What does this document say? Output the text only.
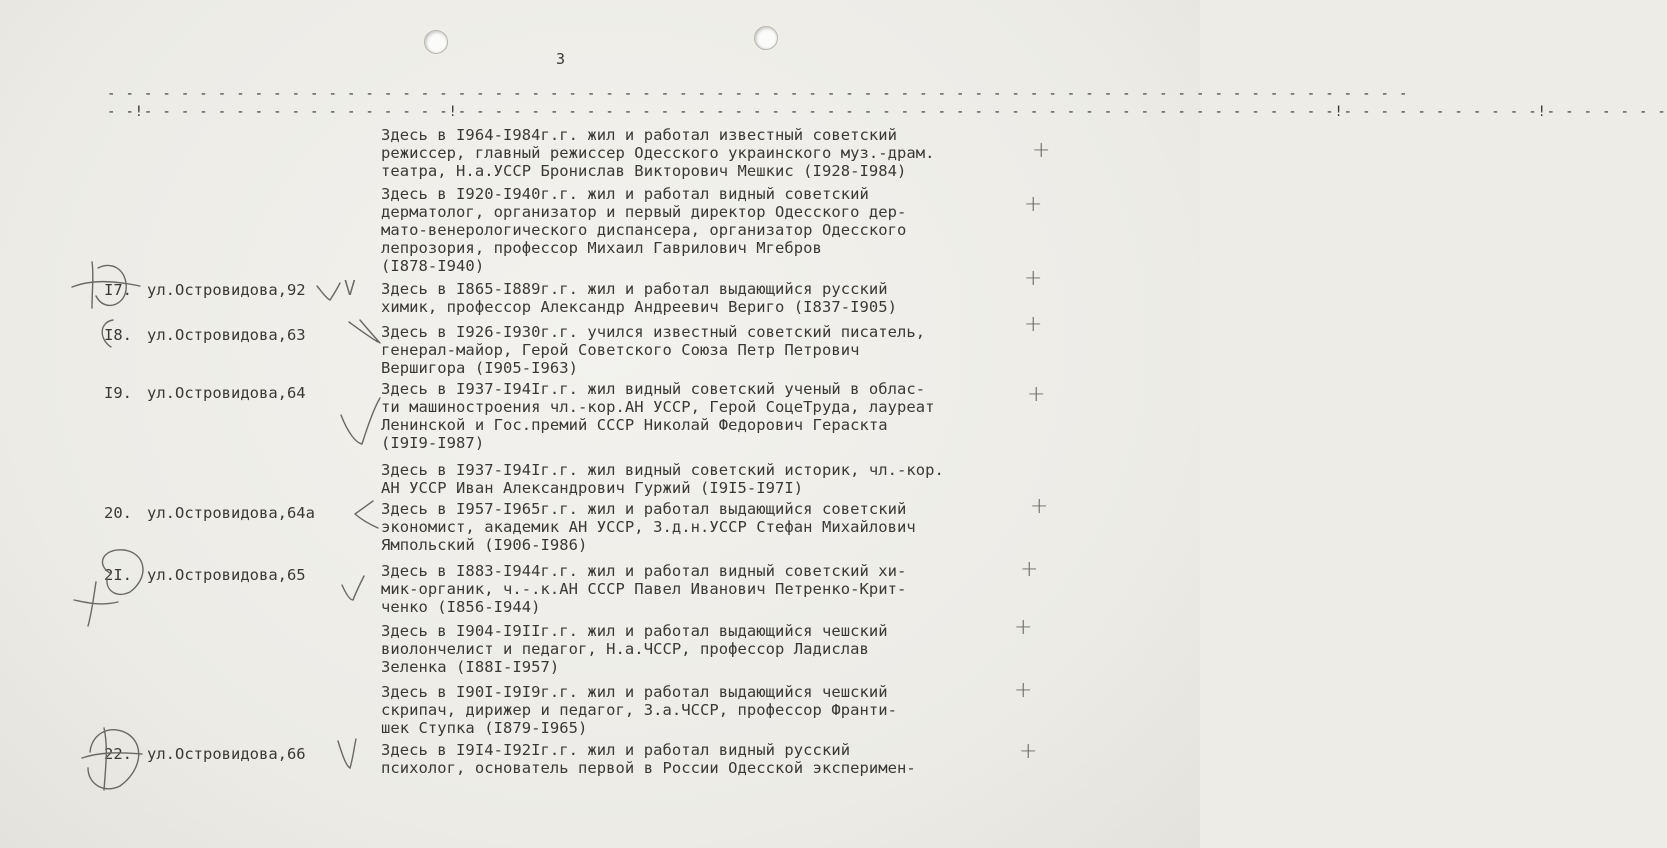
3
- - - - - - - - - - - - - - - - - - - - - - - - - - - - - - - - - - - - - - - - - - - - - - - - - - - - - - - - - - - - - - - - - - - - - - -
- -!- - - - - - - - - - - - - - - - -!- - - - - - - - - - - - - - - - - - - - - - - - - - - - - - - - - - - - - - - - - - - - - - - -!- - - - - - - - - - -!- - - - - - -
Здесь в I964-I984г.г. жил и работал известный советский
режиссер, главный режиссер Одесского украинского муз.-драм.
театра, Н.а.УССР Бронислав Викторович Мешкис (I928-I984)
+
Здесь в I920-I940г.г. жил и работал видный советский
дерматолог, организатор и первый директор Одесского дер-
мато-венерологического диспансера, организатор Одесского
лепрозория, профессор Михаил Гаврилович Мгебров
(I878-I940)
+
I7. ул.Островидова,92 V Здесь в I865-I889г.г. жил и работал выдающийся русский
химик, профессор Александр Андреевич Вериго (I837-I905)
+
I8. ул.Островидова,63	Здесь в I926-I930г.г. учился известный советский писатель,
генерал-майор, Герой Советского Союза Петр Петрович
Вершигора (I905-I963)
+
I9. ул.Островидова,64	Здесь в I937-I94Iг.г. жил видный советский ученый в облас-
ти машиностроения чл.-кор.АН УССР, Герой СоцеТруда, лауреат
Ленинской и Гос.премий СССР Николай Федорович Гераскта
(I9I9-I987)
+
Здесь в I937-I94Iг.г. жил видный советский историк, чл.-кор.
АН УССР Иван Александрович Гуржий (I9I5-I97I)
20. ул.Островидова,64а	Здесь в I957-I965г.г. жил и работал выдающийся советский
экономист, академик АН УССР, З.д.н.УССР Стефан Михайлович
Ямпольский (I906-I986)
+
2I. ул.Островидова,65	Здесь в I883-I944г.г. жил и работал видный советский хи-
мик-органик, ч.-.к.АН СССР Павел Иванович Петренко-Крит-
ченко (I856-I944)
+
Здесь в I904-I9IIг.г. жил и работал выдающийся чешский
виолончелист и педагог, Н.а.ЧССР, профессор Ладислав
Зеленка (I88I-I957)
+
Здесь в I90I-I9I9г.г. жил и работал выдающийся чешский
скрипач, дирижер и педагог, З.а.ЧССР, профессор Франти-
шек Ступка (I879-I965)
+
22. ул.Островидова,66	Здесь в I9I4-I92Iг.г. жил и работал видный русский
психолог, основатель первой в России Одесской эксперимен-
+
